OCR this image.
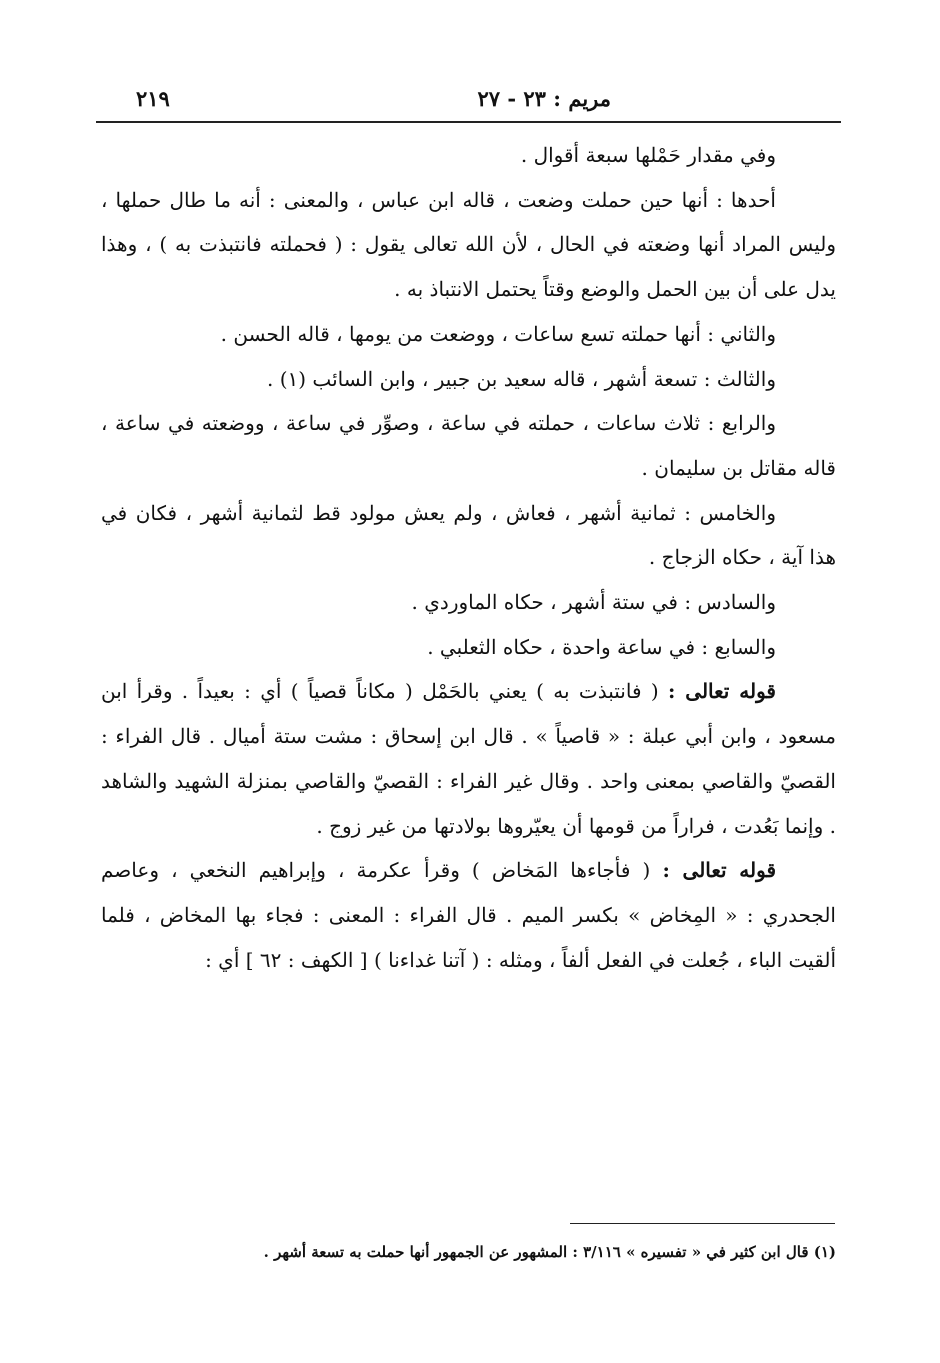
مريم : ٢٣ - ٢٧
٢١٩

وفي مقدار حَمْلها سبعة أقوال .

أحدها : أنها حين حملت وضعت ، قاله ابن عباس ، والمعنى : أنه ما طال حملها ، وليس المراد أنها وضعته في الحال ، لأن الله تعالى يقول : ( فحملته فانتبذت به ) ، وهذا يدل على أن بين الحمل والوضع وقتاً يحتمل الانتباذ به .

والثاني : أنها حملته تسع ساعات ، ووضعت من يومها ، قاله الحسن .

والثالث : تسعة أشهر ، قاله سعيد بن جبير ، وابن السائب (١) .

والرابع : ثلاث ساعات ، حملته في ساعة ، وصوِّر في ساعة ، ووضعته في ساعة ، قاله مقاتل بن سليمان .

والخامس : ثمانية أشهر ، فعاش ، ولم يعش مولود قط لثمانية أشهر ، فكان في هذا آية ، حكاه الزجاج .

والسادس : في ستة أشهر ، حكاه الماوردي .

والسابع : في ساعة واحدة ، حكاه الثعلبي .

قوله تعالى : ( فانتبذت به ) يعني بالحَمْل ( مكاناً قصياً ) أي : بعيداً . وقرأ ابن مسعود ، وابن أبي عبلة : « قاصياً » . قال ابن إسحاق : مشت ستة أميال . قال الفراء : القصيّ والقاصي بمعنى واحد . وقال غير الفراء : القصيّ والقاصي بمنزلة الشهيد والشاهد . وإنما بَعُدت ، فراراً من قومها أن يعيّروها بولادتها من غير زوج .

قوله تعالى : ( فأجاءها المَخاض ) وقرأ عكرمة ، وإبراهيم النخعي ، وعاصم الجحدري : « المِخاض » بكسر الميم . قال الفراء : المعنى : فجاء بها المخاض ، فلما ألقيت الباء ، جُعلت في الفعل ألفاً ، ومثله : ( آتنا غداءنا ) [ الكهف : ٦٢ ] أي :

(١) قال ابن كثير في « تفسيره » ٣/١١٦ : المشهور عن الجمهور أنها حملت به تسعة أشهر .
